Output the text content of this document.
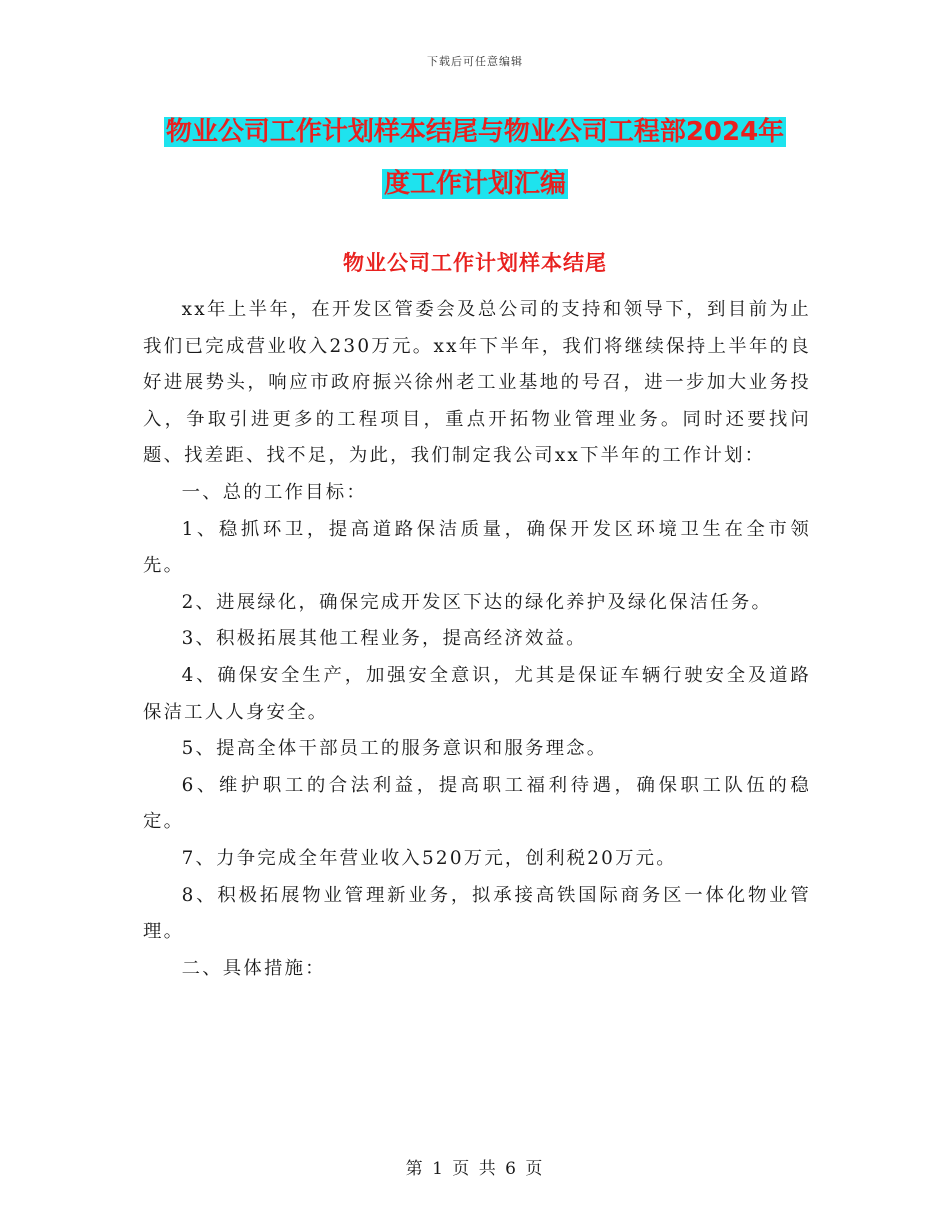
下载后可任意编辑
物业公司工作计划样本结尾与物业公司工程部2024年
度工作计划汇编
物业公司工作计划样本结尾

xx年上半年，在开发区管委会及总公司的支持和领导下，到目前为止我们已完成营业收入230万元。xx年下半年，我们将继续保持上半年的良好进展势头，响应市政府振兴徐州老工业基地的号召，进一步加大业务投入，争取引进更多的工程项目，重点开拓物业管理业务。同时还要找问题、找差距、找不足，为此，我们制定我公司xx下半年的工作计划：

一、总的工作目标：

1、稳抓环卫，提高道路保洁质量，确保开发区环境卫生在全市领先。

2、进展绿化，确保完成开发区下达的绿化养护及绿化保洁任务。

3、积极拓展其他工程业务，提高经济效益。

4、确保安全生产，加强安全意识，尤其是保证车辆行驶安全及道路保洁工人人身安全。

5、提高全体干部员工的服务意识和服务理念。

6、维护职工的合法利益，提高职工福利待遇，确保职工队伍的稳定。

7、力争完成全年营业收入520万元，创利税20万元。

8、积极拓展物业管理新业务，拟承接高铁国际商务区一体化物业管理。

二、具体措施：

第 1 页 共 6 页
